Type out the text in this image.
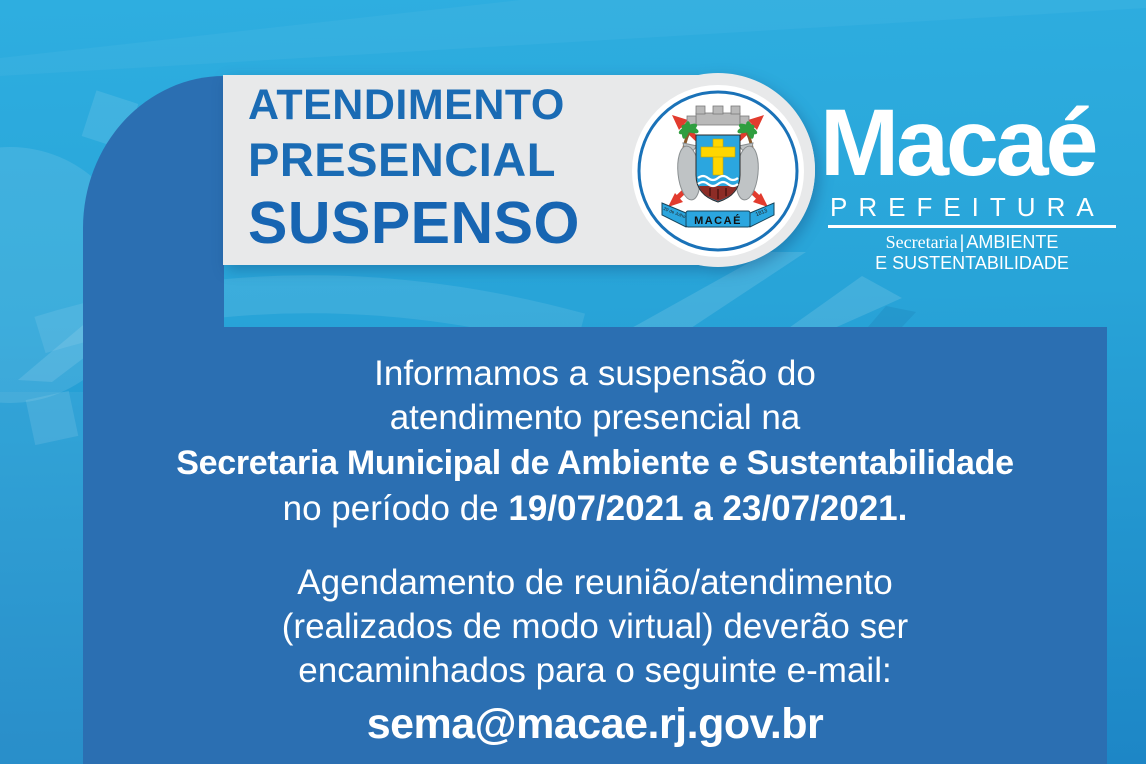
ATENDIMENTO
PRESENCIAL
SUSPENSO	MACAÉ
29 de Julho	1813
Macaé
PREFEITURA
Secretaria | AMBIENTE
E SUSTENTABILIDADE
Informamos a suspensão do
atendimento presencial na
Secretaria Municipal de Ambiente e Sustentabilidade
no período de 19/07/2021 a 23/07/2021.
Agendamento de reunião/atendimento
(realizados de modo virtual) deverão ser
encaminhados para o seguinte e-mail:
sema@macae.rj.gov.br
